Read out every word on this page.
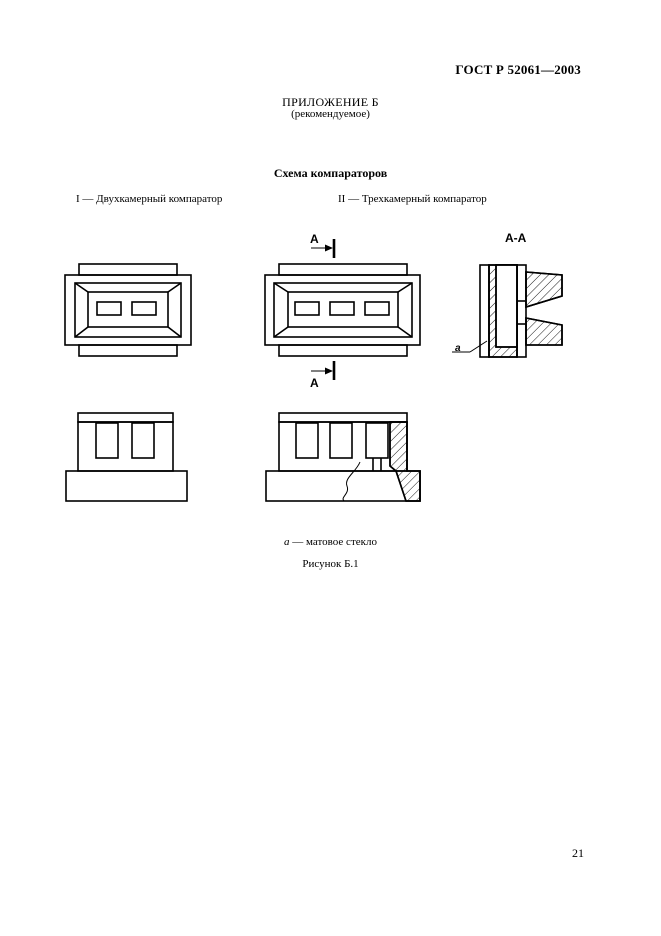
ГОСТ Р 52061—2003
ПРИЛОЖЕНИЕ Б
(рекомендуемое)
Схема компараторов
I — Двухкамерный компаратор	II — Трехкамерный компаратор
А
А
А-А
а
а — матовое стекло
Рисунок Б.1
21
